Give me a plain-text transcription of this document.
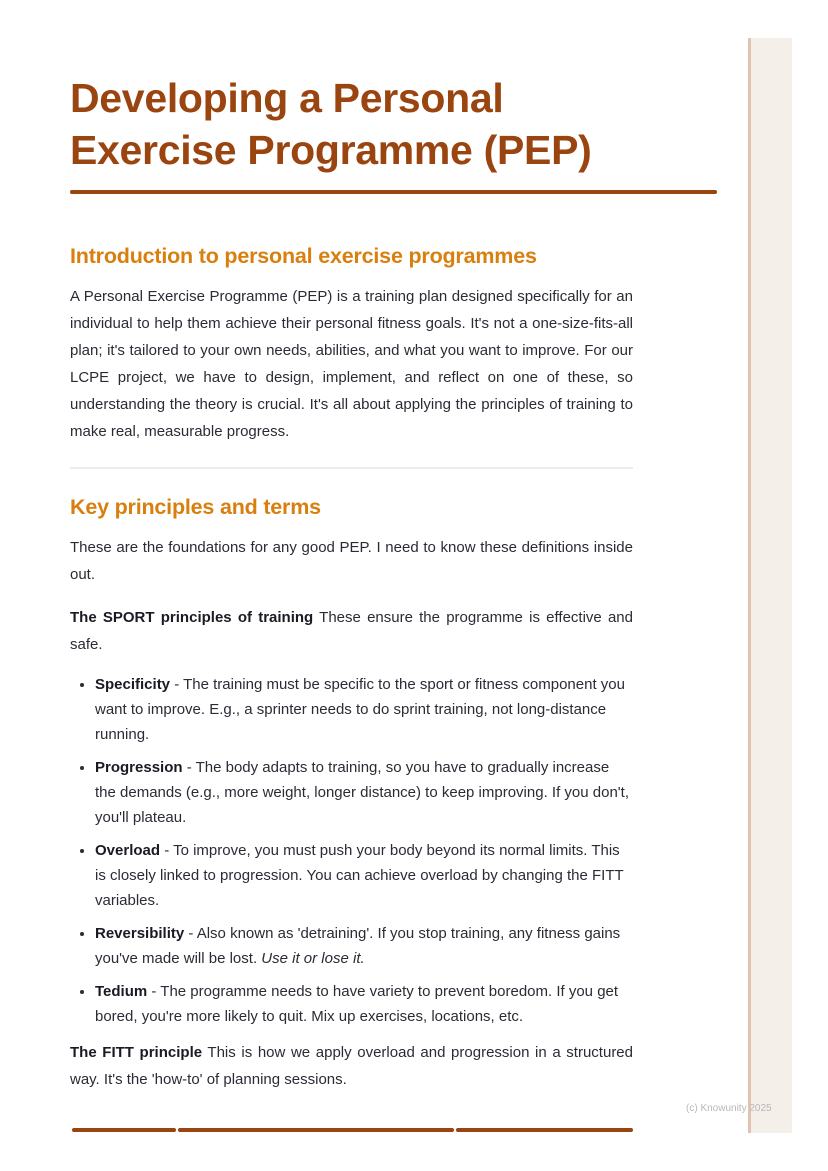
Developing a Personal Exercise Programme (PEP)
Introduction to personal exercise programmes

A Personal Exercise Programme (PEP) is a training plan designed specifically for an individual to help them achieve their personal fitness goals. It's not a one-size-fits-all plan; it's tailored to your own needs, abilities, and what you want to improve. For our LCPE project, we have to design, implement, and reflect on one of these, so understanding the theory is crucial. It's all about applying the principles of training to make real, measurable progress.

Key principles and terms

These are the foundations for any good PEP. I need to know these definitions inside out.

The SPORT principles of training These ensure the programme is effective and safe.

• Specificity - The training must be specific to the sport or fitness component you want to improve. E.g., a sprinter needs to do sprint training, not long-distance running.
• Progression - The body adapts to training, so you have to gradually increase the demands (e.g., more weight, longer distance) to keep improving. If you don't, you'll plateau.
• Overload - To improve, you must push your body beyond its normal limits. This is closely linked to progression. You can achieve overload by changing the FITT variables.
• Reversibility - Also known as 'detraining'. If you stop training, any fitness gains you've made will be lost. Use it or lose it.
• Tedium - The programme needs to have variety to prevent boredom. If you get bored, you're more likely to quit. Mix up exercises, locations, etc.

The FITT principle This is how we apply overload and progression in a structured way. It's the 'how-to' of planning sessions.

(c) Knowunity 2025
